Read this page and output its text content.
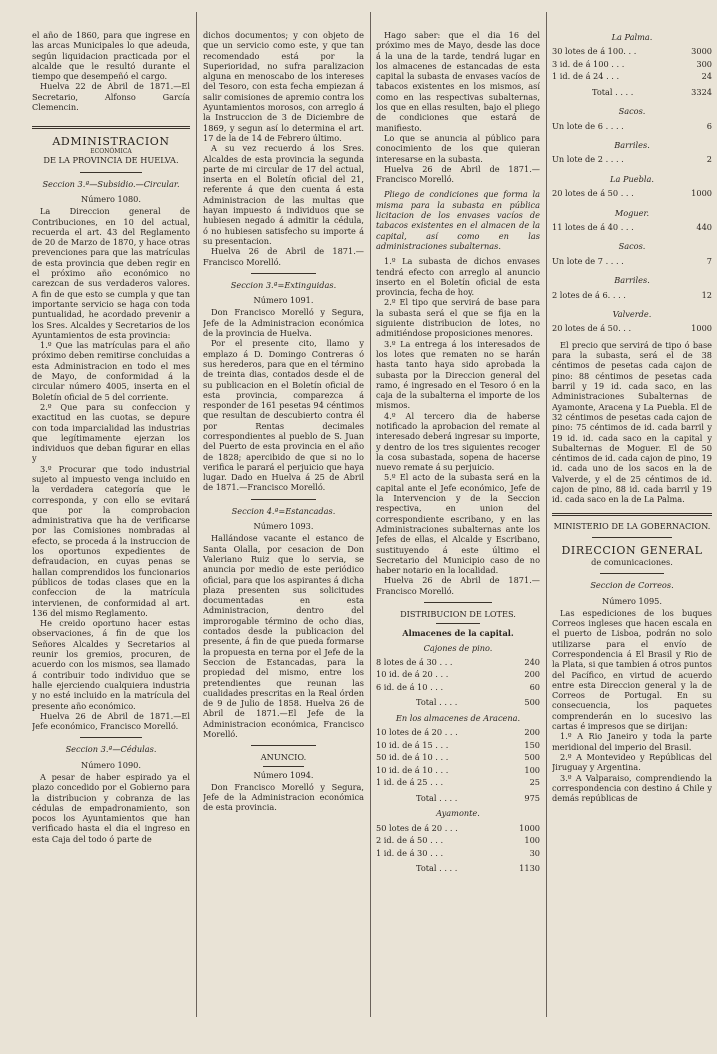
el año de 1860, para que ingrese en las arcas Municipales lo que adeuda, según liquidacion practicada por el alcalde que le resultó durante el tiempo que desempeñó el cargo.

Huelva 22 de Abril de 1871.—El Secretario, Alfonso García Clemencin.

ADMINISTRACION
ECONÓMICA
DE LA PROVINCIA DE HUELVA.
Seccion 3.ª—Subsidio.—Circular.
Número 1080.

La Direccion general de Contribuciones, en 10 del actual, recuerda el art. 43 del Reglamento de 20 de Marzo de 1870, y hace otras prevenciones para que las matrículas de esta provincia que deben regir en el próximo año económico no carezcan de sus verdaderos valores. A fin de que esto se cumpla y que tan importante servicio se haga con toda puntualidad, he acordado prevenir a los Sres. Alcaldes y Secretarios de los Ayuntamientos de esta provincia:

1.º Que las matrículas para el año próximo deben remitirse concluidas a esta Administracion en todo el mes de Mayo, de conformidad á la circular número 4005, inserta en el Boletín oficial de 5 del corriente.

2.º Que para su confeccion y exactitud en las cuotas, se depure con toda imparcialidad las industrias que legítimamente ejerzan los individuos que deban figurar en ellas y

3.º Procurar que todo industrial sujeto al impuesto venga incluido en la verdadera categoría que le corresponda, y con ello se evitará que por la comprobacion administrativa que ha de verificarse por las Comisiones nombradas al efecto, se proceda á la instruccion de los oportunos expedientes de defraudacion, en cuyas penas se hallan comprendidos los funcionarios públicos de todas clases que en la confeccion de la matrícula intervienen, de conformidad al art. 136 del mismo Reglamento.

He creido oportuno hacer estas observaciones, á fin de que los Señores Alcaldes y Secretarios al reunir los gremios, procuren, de acuerdo con los mismos, sea llamado á contribuir todo individuo que se halle ejerciendo cualquiera industria y no esté incluido en la matrícula del presente año económico.

Huelva 26 de Abril de 1871.—El Jefe económico, Francisco Morelló.

Seccion 3.ª—Cédulas.
Número 1090.

A pesar de haber espirado ya el plazo concedido por el Gobierno para la distribucion y cobranza de las cédulas de empadronamiento, son pocos los Ayuntamientos que han verificado hasta el dia el ingreso en esta Caja del todo ó parte de

dichos documentos; y con objeto de que un servicio como este, y que tan recomendado está por la Superioridad, no sufra paralizacion alguna en menoscabo de los intereses del Tesoro, con esta fecha empiezan á salir comisiones de apremio contra los Ayuntamientos morosos, con arreglo á la Instruccion de 3 de Diciembre de 1869, y segun así lo determina el art. 17 de la de 14 de Febrero último.

A su vez recuerdo á los Sres. Alcaldes de esta provincia la segunda parte de mi circular de 17 del actual, inserta en el Boletín oficial del 21, referente á que den cuenta á esta Administracion de las multas que hayan impuesto á individuos que se hubiesen negado á admitir la cédula, ó no hubiesen satisfecho su importe á su presentacion.

Huelva 26 de Abril de 1871.—Francisco Morelló.

Seccion 3.ª=Extinguidas.
Número 1091.

Don Francisco Morelló y Segura, Jefe de la Administracion económica de la provincia de Huelva.

Por el presente cito, llamo y emplazo á D. Domingo Contreras ó sus herederos, para que en el término de treinta dias, contados desde el de su publicacion en el Boletín oficial de esta provincia, comparezca á responder de 161 pesetas 94 céntimos que resultan de descubierto contra él por Rentas decimales correspondientes al pueblo de S. Juan del Puerto de esta provincia en el año de 1828; apercibido de que si no lo verifica le parará el perjuicio que haya lugar. Dado en Huelva á 25 de Abril de 1871.—Francisco Morelló.

Seccion 4.ª=Estancadas.
Número 1093.

Hallándose vacante el estanco de Santa Olalla, por cesacion de Don Valeriano Ruiz que lo servia, se anuncia por medio de este periódico oficial, para que los aspirantes á dicha plaza presenten sus solicitudes documentadas en esta Administracion, dentro del improrogable término de ocho dias, contados desde la publicacion del presente, á fin de que pueda formarse la propuesta en terna por el Jefe de la Seccion de Estancadas, para la propiedad del mismo, entre los pretendientes que reunan las cualidades prescritas en la Real órden de 9 de Julio de 1858. Huelva 26 de Abril de 1871.—El Jefe de la Administracion económica, Francisco Morelló.

ANUNCIO.
Número 1094.

Don Francisco Morelló y Segura, Jefe de la Administracion económica de esta provincia.

Hago saber: que el dia 16 del próximo mes de Mayo, desde las doce á la una de la tarde, tendrá lugar en los almacenes de estancadas de esta capital la subasta de envases vacíos de tabacos existentes en los mismos, así como en las respectivas subalternas, los que en ellas resulten, bajo el pliego de condiciones que estará de manifiesto.

Lo que se anuncia al público para conocimiento de los que quieran interesarse en la subasta.

Huelva 26 de Abril de 1871.—Francisco Morelló.

Pliego de condiciones que forma la misma para la subasta en pública licitacion de los envases vacíos de tabacos existentes en el almacen de la capital, así como en las administraciones subalternas.

1.º La subasta de dichos envases tendrá efecto con arreglo al anuncio inserto en el Boletín oficial de esta provincia, fecha de hoy.

2.º El tipo que servirá de base para la subasta será el que se fija en la siguiente distribucion de lotes, no admitiéndose proposiciones menores.

3.º La entrega á los interesados de los lotes que rematen no se harán hasta tanto haya sido aprobada la subasta por la Direccion general del ramo, é ingresado en el Tesoro ó en la caja de la subalterna el importe de los mismos.

4.º Al tercero dia de haberse notificado la aprobacion del remate al interesado deberá ingresar su importe, y dentro de los tres siguientes recoger la cosa subastada, sopena de hacerse nuevo remate á su perjuicio.

5.º El acto de la subasta será en la capital ante el Jefe económico, Jefe de la Intervencion y de la Seccion respectiva, en union del correspondiente escribano, y en las Administraciones subalternas ante los Jefes de ellas, el Alcalde y Escribano, sustituyendo á este último el Secretario del Municipio caso de no haber notario en la localidad.

Huelva 26 de Abril de 1871.—Francisco Morelló.

DISTRIBUCION DE LOTES.
Almacenes de la capital.
Cajones de pino.
8 lotes de á 30 . . .	240
10 id. de á 20 . . .	200
6 id. de á 10 . . .	60
Total . . . .	500
En los almacenes de Aracena.
10 lotes de á 20 . . .	200
10 id. de á 15 . . .	150
50 id. de á 10 . . .	500
10 id. de á 10 . . .	100
1 id. de á 25 . . .	25
Total . . . .	975
Ayamonte.
50 lotes de á 20 . . .	1000
2 id. de á 50 . . .	100
1 id. de á 30 . . .	30
Total . . . .	1130
La Palma.
30 lotes de á 100. . .	3000
3 id. de á 100 . . .	300
1 id. de á 24 . . .	24
Total . . . .	3324
Sacos.
Un lote de 6 . . . .	6
Barriles.
Un lote de 2 . . . .	2
La Puebla.
20 lotes de á 50 . . .	1000
Moguer.
11 lotes de á 40 . . .	440
Sacos.
Un lote de 7 . . . .	7
Barriles.
2 lotes de á 6. . . .	12
Valverde.
20 lotes de á 50. . .	1000

El precio que servirá de tipo ó base para la subasta, será el de 38 céntimos de pesetas cada cajon de pino: 88 céntimos de pesetas cada barril y 19 id. cada saco, en las Administraciones Subalternas de Ayamonte, Aracena y La Puebla. El de 32 céntimos de pesetas cada cajon de pino: 75 céntimos de id. cada barril y 19 id. id. cada saco en la capital y Subalternas de Moguer. El de 50 céntimos de id. cada cajon de pino, 19 id. cada uno de los sacos en la de Valverde, y el de 25 céntimos de id. cajon de pino, 88 id. cada barril y 19 id. cada saco en la de La Palma.

MINISTERIO DE LA GOBERNACION.
DIRECCION GENERAL
de comunicaciones.
Seccion de Correos.
Número 1095.

Las espediciones de los buques Correos ingleses que hacen escala en el puerto de Lisboa, podrán no solo utilizarse para el envío de Correspondencia á El Brasil y Rio de la Plata, si que tambien á otros puntos del Pacífico, en virtud de acuerdo entre esta Direccion general y la de Correos de Portugal. En su consecuencia, los paquetes comprenderán en lo sucesivo las cartas é impresos que se dirijan:

1.º A Rio Janeiro y toda la parte meridional del imperio del Brasil.

2.º A Montevideo y Repúblicas del Jiruguay y Argentina.

3.º A Valparaiso, comprendiendo la correspondencia con destino á Chile y demás repúblicas de
